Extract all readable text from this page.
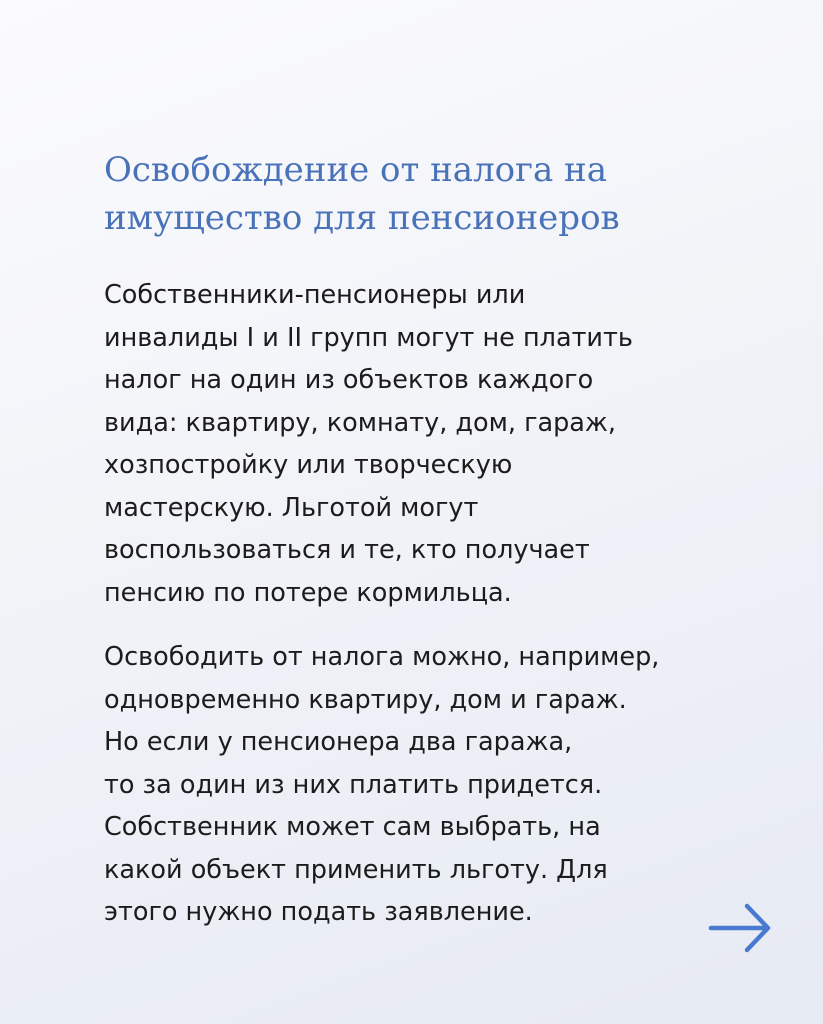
Освобождение от налога на
имущество для пенсионеров

Собственники-пенсионеры или
инвалиды I и II групп могут не платить
налог на один из объектов каждого
вида: квартиру, комнату, дом, гараж,
хозпостройку или творческую
мастерскую. Льготой могут
воспользоваться и те, кто получает
пенсию по потере кормильца.

Освободить от налога можно, например,
одновременно квартиру, дом и гараж.
Но если у пенсионера два гаража,
то за один из них платить придется.
Собственник может сам выбрать, на
какой объект применить льготу. Для
этого нужно подать заявление.
